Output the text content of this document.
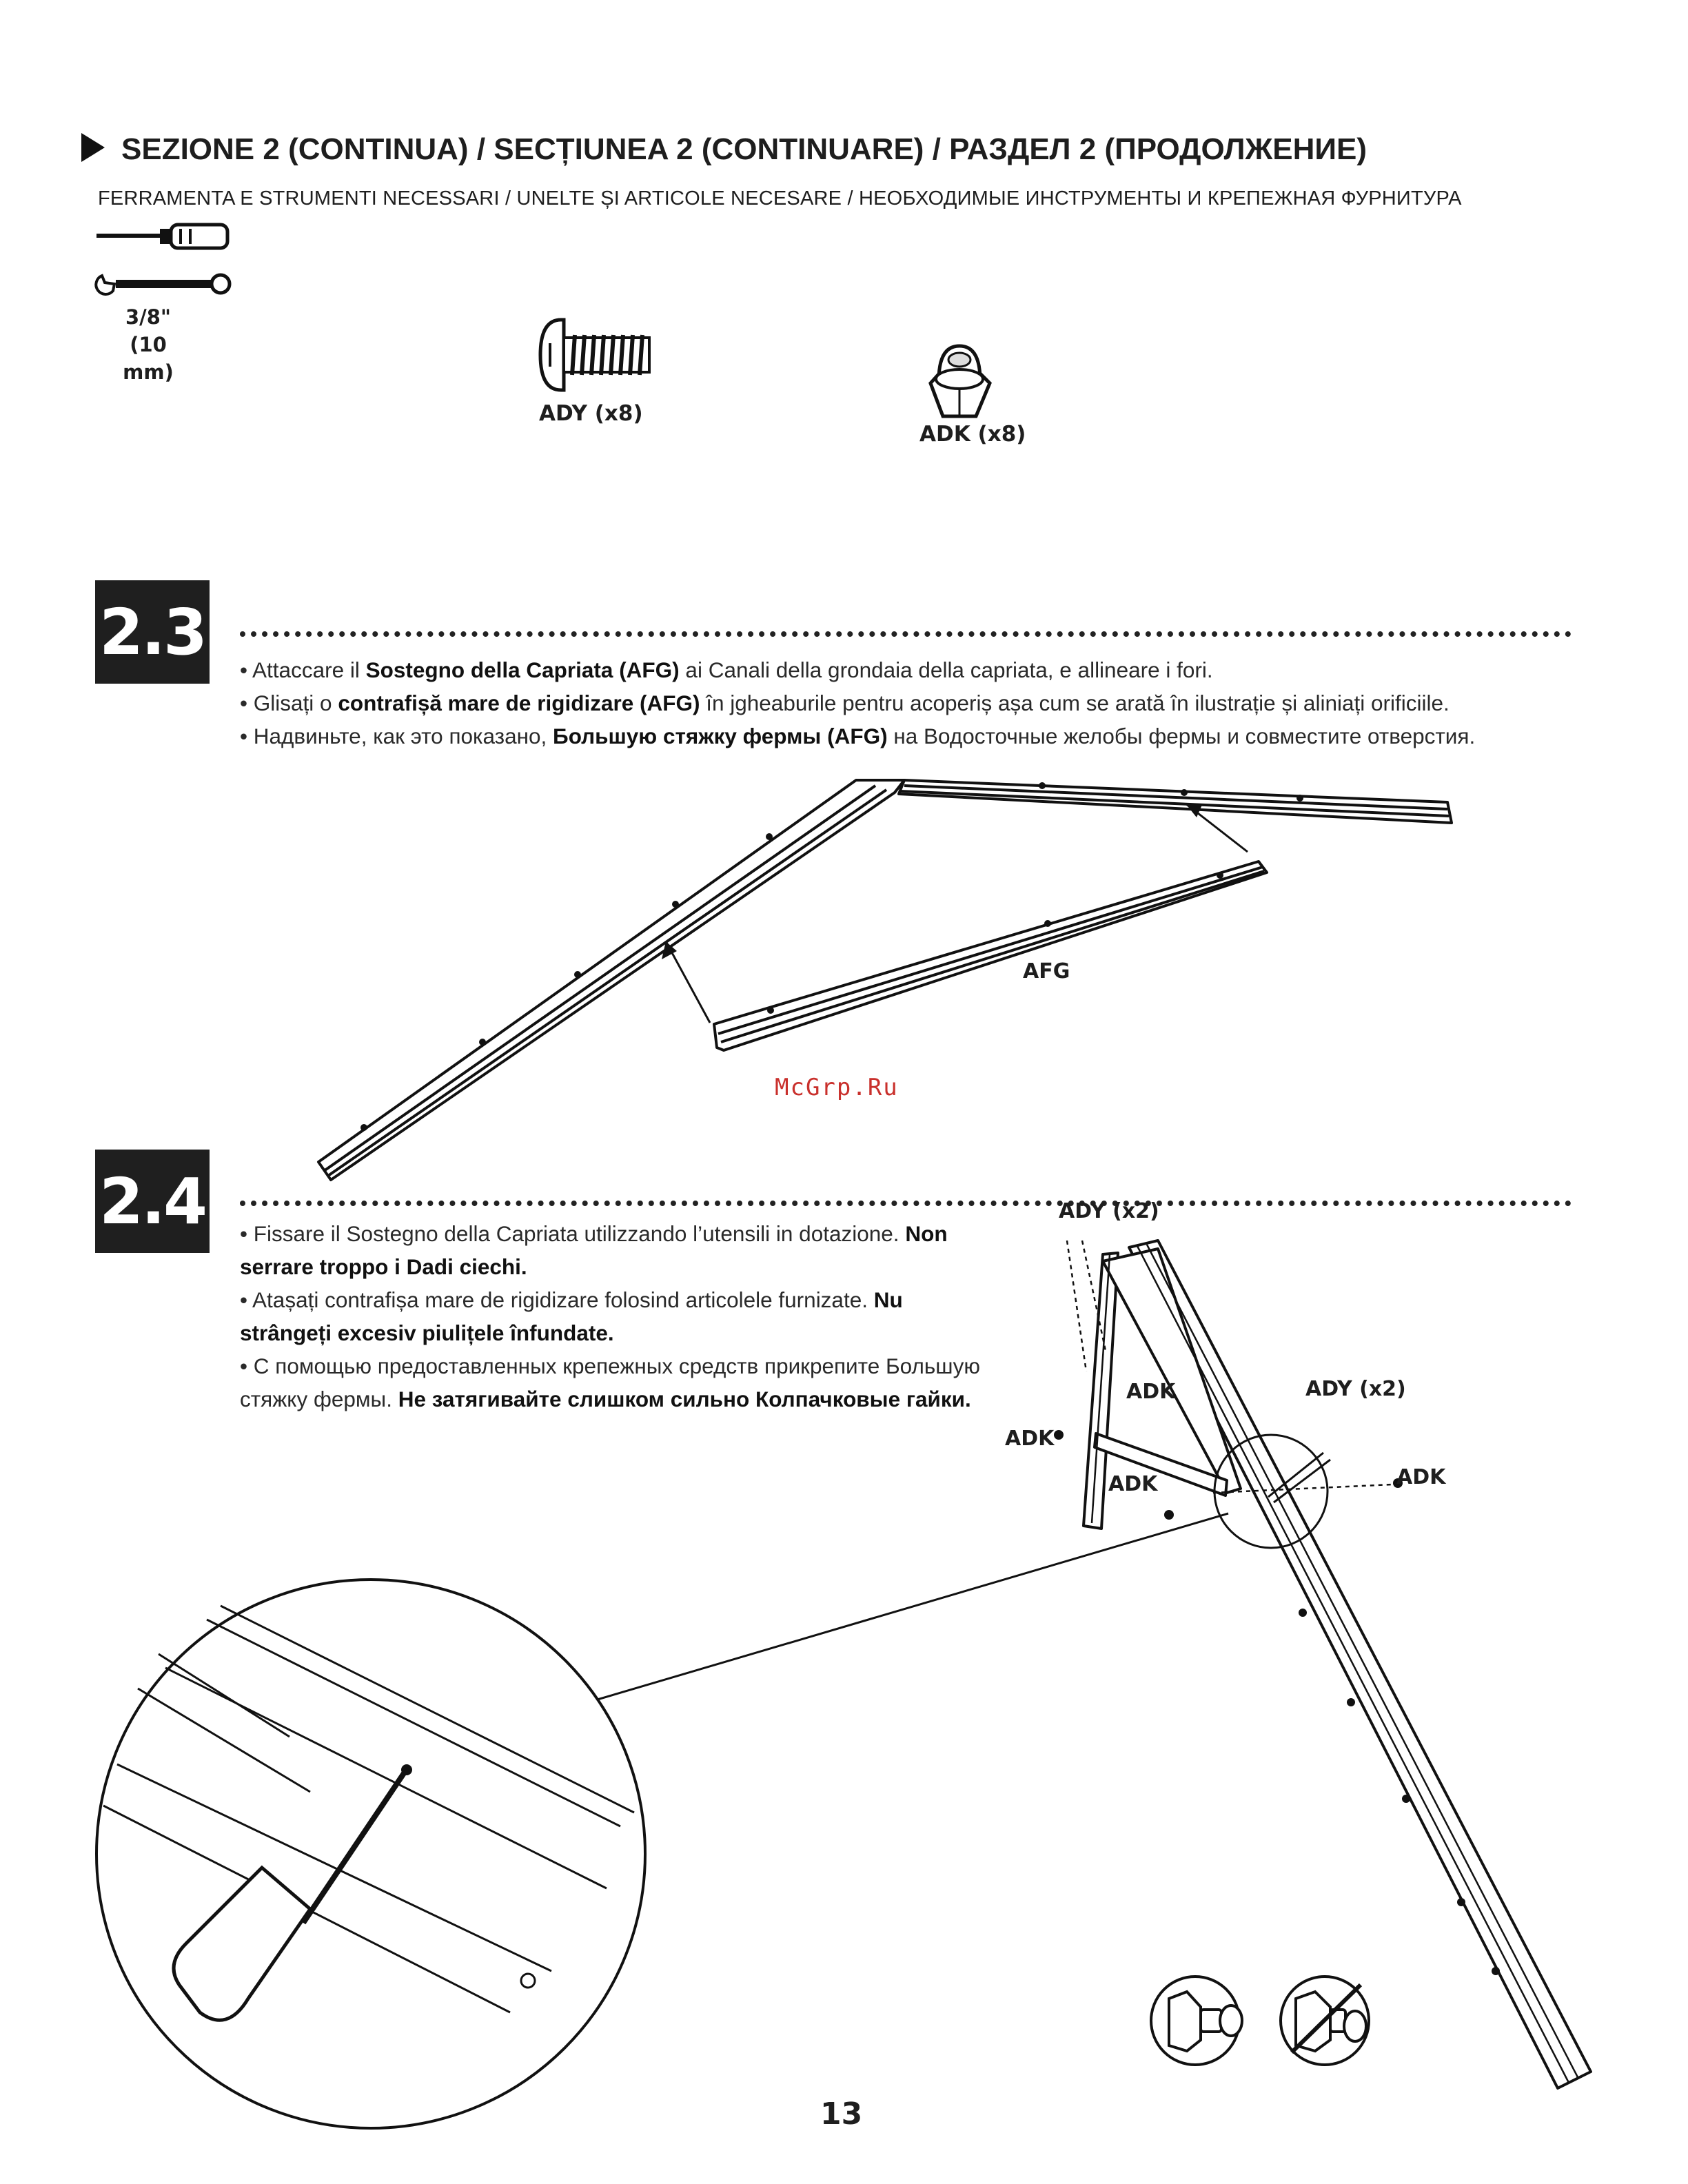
SEZIONE 2 (CONTINUA) / SECȚIUNEA 2 (CONTINUARE) / РАЗДЕЛ 2 (ПРОДОЛЖЕНИЕ)
FERRAMENTA E STRUMENTI NECESSARI / UNELTE ȘI ARTICOLE NECESARE / НЕОБХОДИМЫЕ ИНСТРУМЕНТЫ И КРЕПЕЖНАЯ ФУРНИТУРА
3/8"
(10 mm)
ADY (x8)
ADK (x8)
2.3

• Attaccare il Sostegno della Capriata (AFG) ai Canali della grondaia della capriata, e allineare i fori.

• Glisați o contrafișă mare de rigidizare (AFG) în jgheaburile pentru acoperiș așa cum se arată în ilustrație și aliniați orificiile.

• Надвиньте, как это показано, Большую стяжку фермы (AFG) на Водосточные желобы фермы и совместите отверстия.

AFG
McGrp.Ru
2.4 • Fissare il Sostegno della Capriata utilizzando l’utensili in dotazione. Non serrare troppo i Dadi ciechi.

• Atașați contrafișa mare de rigidizare folosind articolele furnizate. Nu strângeți excesiv piulițele înfundate.

• С помощью предоставленных крепежных средств прикрепите Большую стяжку фермы. Не затягивайте слишком сильно Колпачковые гайки.

ADY (x2)
ADY (x2)
ADK
ADK
ADK	ADK
13
